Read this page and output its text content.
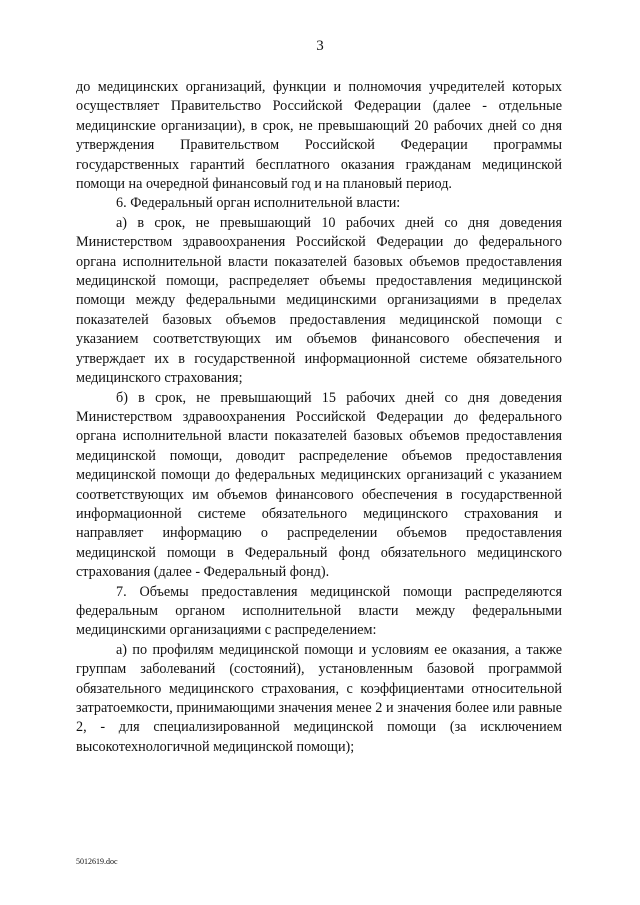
3

до медицинских организаций, функции и полномочия учредителей которых осуществляет Правительство Российской Федерации (далее - отдельные медицинские организации), в срок, не превышающий 20 рабочих дней со дня утверждения Правительством Российской Федерации программы государственных гарантий бесплатного оказания гражданам медицинской помощи на очередной финансовый год и на плановый период.

6. Федеральный орган исполнительной власти:

а) в срок, не превышающий 10 рабочих дней со дня доведения Министерством здравоохранения Российской Федерации до федерального органа исполнительной власти показателей базовых объемов предоставления медицинской помощи, распределяет объемы предоставления медицинской помощи между федеральными медицинскими организациями в пределах показателей базовых объемов предоставления медицинской помощи с указанием соответствующих им объемов финансового обеспечения и утверждает их в государственной информационной системе обязательного медицинского страхования;

б) в срок, не превышающий 15 рабочих дней со дня доведения Министерством здравоохранения Российской Федерации до федерального органа исполнительной власти показателей базовых объемов предоставления медицинской помощи, доводит распределение объемов предоставления медицинской помощи до федеральных медицинских организаций с указанием соответствующих им объемов финансового обеспечения в государственной информационной системе обязательного медицинского страхования и направляет информацию о распределении объемов предоставления медицинской помощи в Федеральный фонд обязательного медицинского страхования (далее - Федеральный фонд).

7. Объемы предоставления медицинской помощи распределяются федеральным органом исполнительной власти между федеральными медицинскими организациями с распределением:

а) по профилям медицинской помощи и условиям ее оказания, а также группам заболеваний (состояний), установленным базовой программой обязательного медицинского страхования, с коэффициентами относительной затратоемкости, принимающими значения менее 2 и значения более или равные 2, - для специализированной медицинской помощи (за исключением высокотехнологичной медицинской помощи);

5012619.doc
